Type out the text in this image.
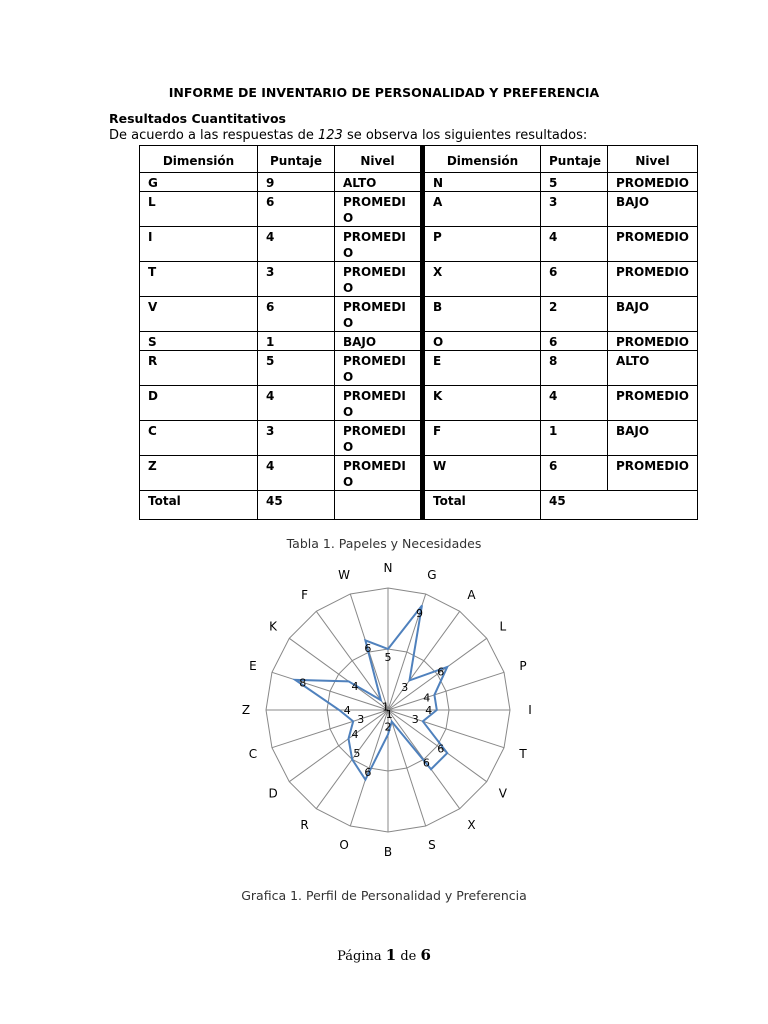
INFORME DE INVENTARIO DE PERSONALIDAD Y PREFERENCIA
Resultados Cuantitativos
De acuerdo a las respuestas de 123 se observa los siguientes resultados:
Dimensión	Puntaje	Nivel	Dimensión	Puntaje	Nivel
G	9	ALTO	N	5	PROMEDIO
L	6	PROMEDIO	A	3	BAJO
I	4	PROMEDIO	P	4	PROMEDIO
T	3	PROMEDIO	X	6	PROMEDIO
V	6	PROMEDIO	B	2	BAJO
S	1	BAJO	O	6	PROMEDIO
R	5	PROMEDIO	E	8	ALTO
D	4	PROMEDIO	K	4	PROMEDIO
C	3	PROMEDIO	F	1	BAJO
Z	4	PROMEDIO	W	6	PROMEDIO
Total	45		Total	45	
Tabla 1. Papeles y Necesidades
5
9
3
6
4
4
3
6
6
1
2
6
5
4
3
4
8	4
1
6
N	G
A
L
P
I
T
V
X
S
B
O
R
D
C
Z
E
K
F
W
Grafica 1. Perfil de Personalidad y Preferencia
Página 1 de 6
